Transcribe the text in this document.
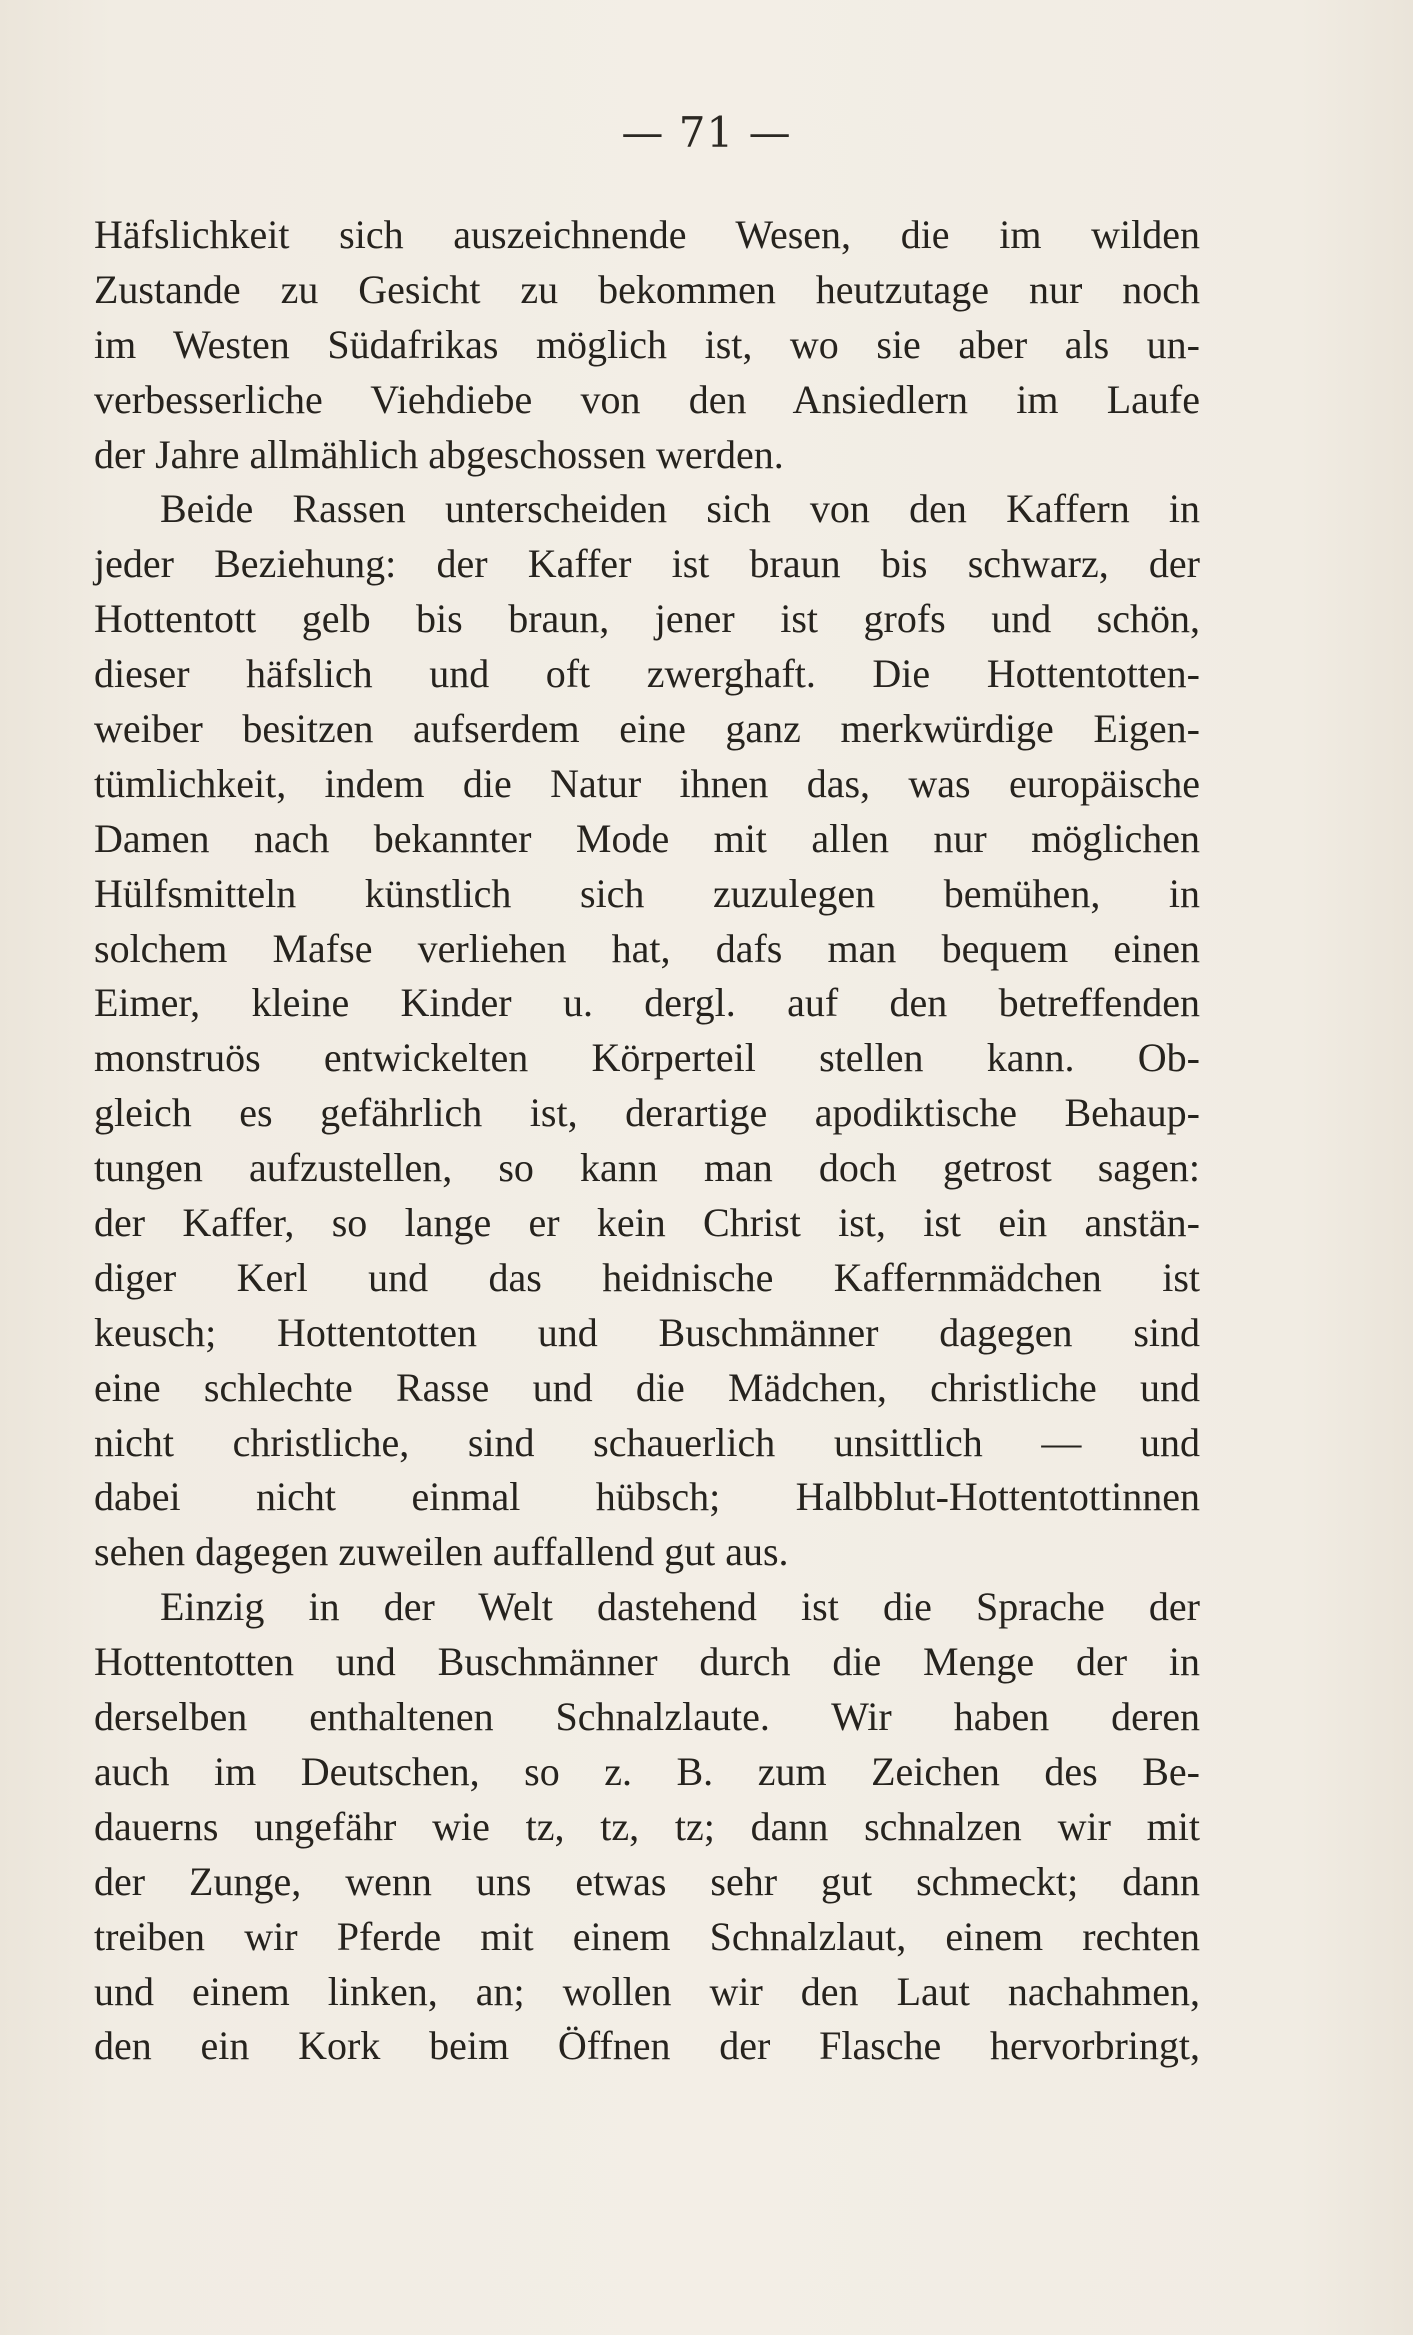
— 71 —
Häfslichkeit sich auszeichnende Wesen, die im wilden
Zustande zu Gesicht zu bekommen heutzutage nur noch
im Westen Südafrikas möglich ist, wo sie aber als un-
verbesserliche Viehdiebe von den Ansiedlern im Laufe
der Jahre allmählich abgeschossen werden.
Beide Rassen unterscheiden sich von den Kaffern in
jeder Beziehung: der Kaffer ist braun bis schwarz, der
Hottentott gelb bis braun, jener ist grofs und schön,
dieser häfslich und oft zwerghaft. Die Hottentotten-
weiber besitzen aufserdem eine ganz merkwürdige Eigen-
tümlichkeit, indem die Natur ihnen das, was europäische
Damen nach bekannter Mode mit allen nur möglichen
Hülfsmitteln künstlich sich zuzulegen bemühen, in
solchem Mafse verliehen hat, dafs man bequem einen
Eimer, kleine Kinder u. dergl. auf den betreffenden
monstruös entwickelten Körperteil stellen kann. Ob-
gleich es gefährlich ist, derartige apodiktische Behaup-
tungen aufzustellen, so kann man doch getrost sagen:
der Kaffer, so lange er kein Christ ist, ist ein anstän-
diger Kerl und das heidnische Kaffernmädchen ist
keusch; Hottentotten und Buschmänner dagegen sind
eine schlechte Rasse und die Mädchen, christliche und
nicht christliche, sind schauerlich unsittlich — und
dabei nicht einmal hübsch; Halbblut-Hottentottinnen
sehen dagegen zuweilen auffallend gut aus.
Einzig in der Welt dastehend ist die Sprache der
Hottentotten und Buschmänner durch die Menge der in
derselben enthaltenen Schnalzlaute. Wir haben deren
auch im Deutschen, so z. B. zum Zeichen des Be-
dauerns ungefähr wie tz, tz, tz; dann schnalzen wir mit
der Zunge, wenn uns etwas sehr gut schmeckt; dann
treiben wir Pferde mit einem Schnalzlaut, einem rechten
und einem linken, an; wollen wir den Laut nachahmen,
den ein Kork beim Öffnen der Flasche hervorbringt,
